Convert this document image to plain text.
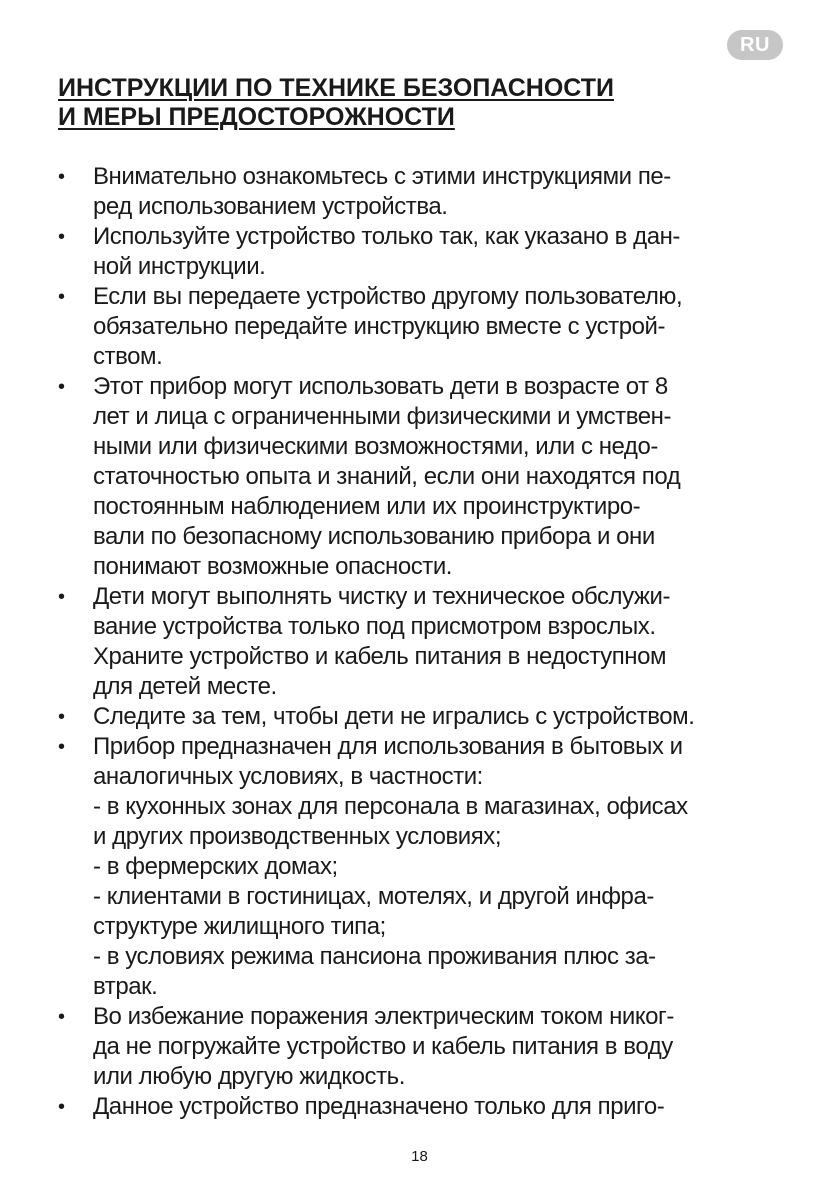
RU
ИНСТРУКЦИИ ПО ТЕХНИКЕ БЕЗОПАСНОСТИ
И МЕРЫ ПРЕДОСТОРОЖНОСТИ
• Внимательно ознакомьтесь с этими инструкциями пе-
ред использованием устройства.
• Используйте устройство только так, как указано в дан-
ной инструкции.
• Если вы передаете устройство другому пользователю,
обязательно передайте инструкцию вместе с устрой-
ством.
• Этот прибор могут использовать дети в возрасте от 8
лет и лица с ограниченными физическими и умствен-
ными или физическими возможностями, или с недо-
статочностью опыта и знаний, если они находятся под
постоянным наблюдением или их проинструктиро-
вали по безопасному использованию прибора и они
понимают возможные опасности.
• Дети могут выполнять чистку и техническое обслужи-
вание устройства только под присмотром взрослых.
Храните устройство и кабель питания в недоступном
для детей месте.
• Следите за тем, чтобы дети не игрались с устройством.
• Прибор предназначен для использования в бытовых и
аналогичных условиях, в частности:
- в кухонных зонах для персонала в магазинах, офисах
и других производственных условиях;
- в фермерских домах;
- клиентами в гостиницах, мотелях, и другой инфра-
структуре жилищного типа;
- в условиях режима пансиона проживания плюс за-
втрак.
• Во избежание поражения электрическим током никог-
да не погружайте устройство и кабель питания в воду
или любую другую жидкость.
• Данное устройство предназначено только для приго-
18
